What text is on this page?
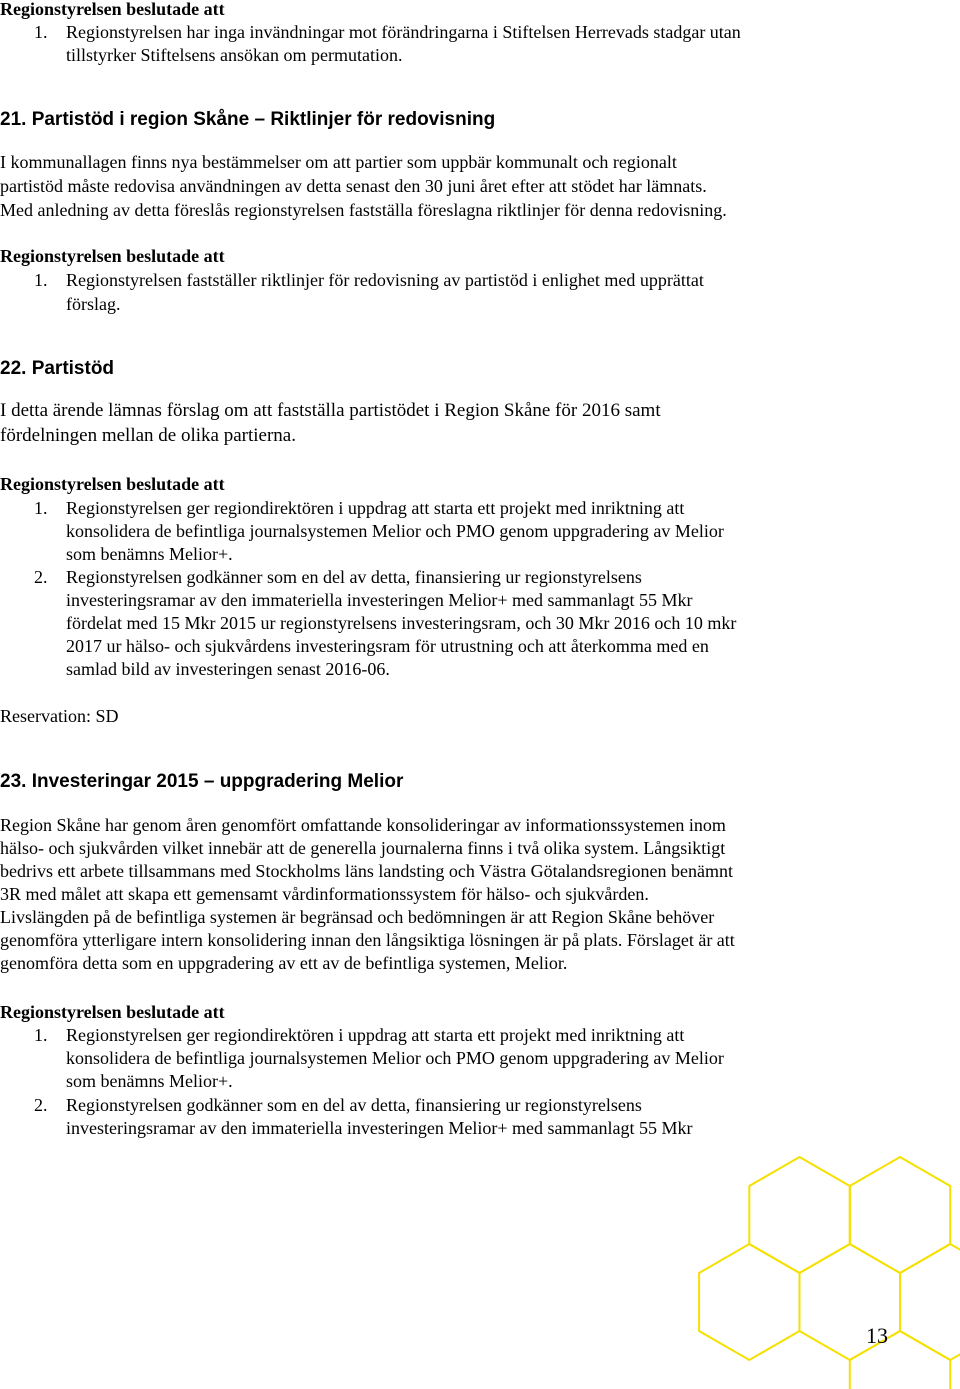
Regionstyrelsen beslutade att
1. Regionstyrelsen har inga invändningar mot förändringarna i Stiftelsen Herrevads stadgar utan
tillstyrker Stiftelsens ansökan om permutation.
21. Partistöd i region Skåne – Riktlinjer för redovisning
I kommunallagen finns nya bestämmelser om att partier som uppbär kommunalt och regionalt
partistöd måste redovisa användningen av detta senast den 30 juni året efter att stödet har lämnats.
Med anledning av detta föreslås regionstyrelsen fastställa föreslagna riktlinjer för denna redovisning.
Regionstyrelsen beslutade att
1. Regionstyrelsen fastställer riktlinjer för redovisning av partistöd i enlighet med upprättat
förslag.
22. Partistöd
I detta ärende lämnas förslag om att fastställa partistödet i Region Skåne för 2016 samt
fördelningen mellan de olika partierna.
Regionstyrelsen beslutade att
1. Regionstyrelsen ger regiondirektören i uppdrag att starta ett projekt med inriktning att
konsolidera de befintliga journalsystemen Melior och PMO genom uppgradering av Melior
som benämns Melior+.
2. Regionstyrelsen godkänner som en del av detta, finansiering ur regionstyrelsens
investeringsramar av den immateriella investeringen Melior+ med sammanlagt 55 Mkr
fördelat med 15 Mkr 2015 ur regionstyrelsens investeringsram, och 30 Mkr 2016 och 10 mkr
2017 ur hälso- och sjukvårdens investeringsram för utrustning och att återkomma med en
samlad bild av investeringen senast 2016-06.
Reservation: SD
23. Investeringar 2015 – uppgradering Melior
Region Skåne har genom åren genomfört omfattande konsolideringar av informationssystemen inom
hälso- och sjukvården vilket innebär att de generella journalerna finns i två olika system. Långsiktigt
bedrivs ett arbete tillsammans med Stockholms läns landsting och Västra Götalandsregionen benämnt
3R med målet att skapa ett gemensamt vårdinformationssystem för hälso- och sjukvården.
Livslängden på de befintliga systemen är begränsad och bedömningen är att Region Skåne behöver
genomföra ytterligare intern konsolidering innan den långsiktiga lösningen är på plats. Förslaget är att
genomföra detta som en uppgradering av ett av de befintliga systemen, Melior.
Regionstyrelsen beslutade att
1. Regionstyrelsen ger regiondirektören i uppdrag att starta ett projekt med inriktning att
konsolidera de befintliga journalsystemen Melior och PMO genom uppgradering av Melior
som benämns Melior+.
2. Regionstyrelsen godkänner som en del av detta, finansiering ur regionstyrelsens
investeringsramar av den immateriella investeringen Melior+ med sammanlagt 55 Mkr
13
